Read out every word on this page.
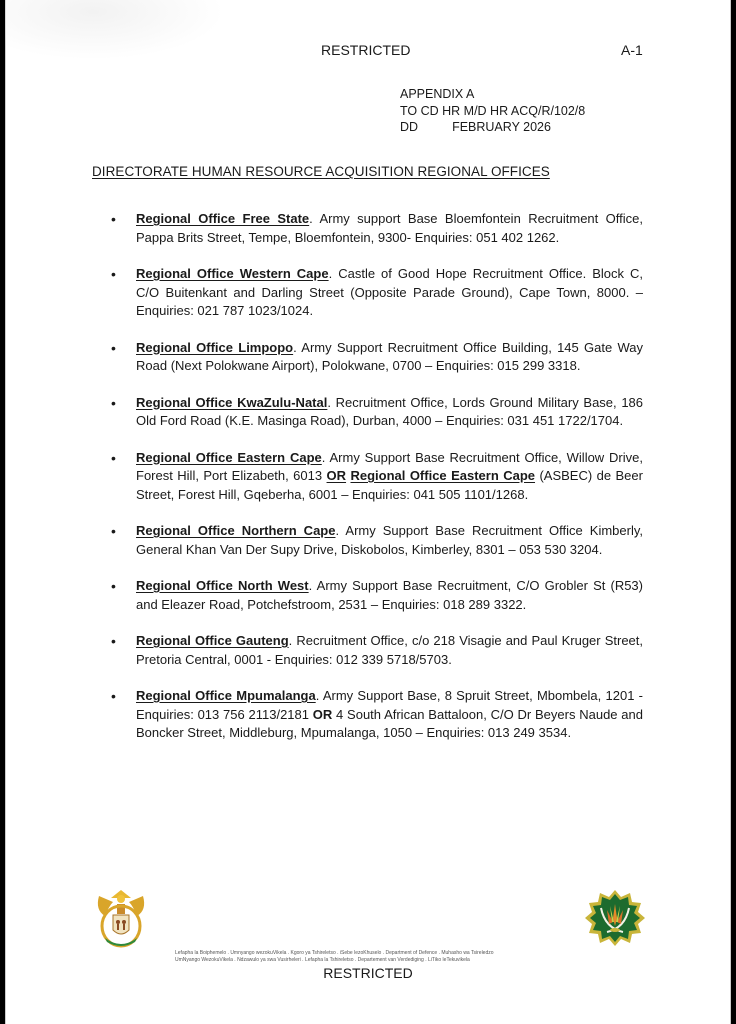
RESTRICTED	A-1
APPENDIX A
TO CD HR M/D HR ACQ/R/102/8
DD	FEBRUARY 2026
DIRECTORATE HUMAN RESOURCE ACQUISITION REGIONAL OFFICES
• Regional Office Free State. Army support Base Bloemfontein Recruitment Office, Pappa Brits Street, Tempe, Bloemfontein, 9300- Enquiries: 051 402 1262.
• Regional Office Western Cape. Castle of Good Hope Recruitment Office. Block C, C/O Buitenkant and Darling Street (Opposite Parade Ground), Cape Town, 8000. – Enquiries: 021 787 1023/1024.
• Regional Office Limpopo. Army Support Recruitment Office Building, 145 Gate Way Road (Next Polokwane Airport), Polokwane, 0700 – Enquiries: 015 299 3318.
• Regional Office KwaZulu-Natal. Recruitment Office, Lords Ground Military Base, 186 Old Ford Road (K.E. Masinga Road), Durban, 4000 – Enquiries: 031 451 1722/1704.
• Regional Office Eastern Cape. Army Support Base Recruitment Office, Willow Drive, Forest Hill, Port Elizabeth, 6013 OR Regional Office Eastern Cape (ASBEC) de Beer Street, Forest Hill, Gqeberha, 6001 – Enquiries: 041 505 1101/1268.
• Regional Office Northern Cape. Army Support Base Recruitment Office Kimberly, General Khan Van Der Supy Drive, Diskobolos, Kimberley, 8301 – 053 530 3204.
• Regional Office North West. Army Support Base Recruitment, C/O Grobler St (R53) and Eleazer Road, Potchefstroom, 2531 – Enquiries: 018 289 3322.
• Regional Office Gauteng. Recruitment Office, c/o 218 Visagie and Paul Kruger Street, Pretoria Central, 0001 - Enquiries: 012 339 5718/5703.
• Regional Office Mpumalanga. Army Support Base, 8 Spruit Street, Mbombela, 1201 - Enquiries: 013 756 2113/2181 OR 4 South African Battaloon, C/O Dr Beyers Naude and Boncker Street, Middleburg, Mpumalanga, 1050 – Enquiries: 013 249 3534.
Lefapha la Boiphemelo . Umnyango wezokuVikela . Kgoro ya Tshireletso . iSebe lezoKhuselo . Department of Defence . Muhasho wa Tsireledzo
UmNyango WezokuVikela . Ndzawulo ya swa Vusirheleri . Lefapha la Tshireletso . Departement van Verdediging . LiTiko leTekuvikela
RESTRICTED
